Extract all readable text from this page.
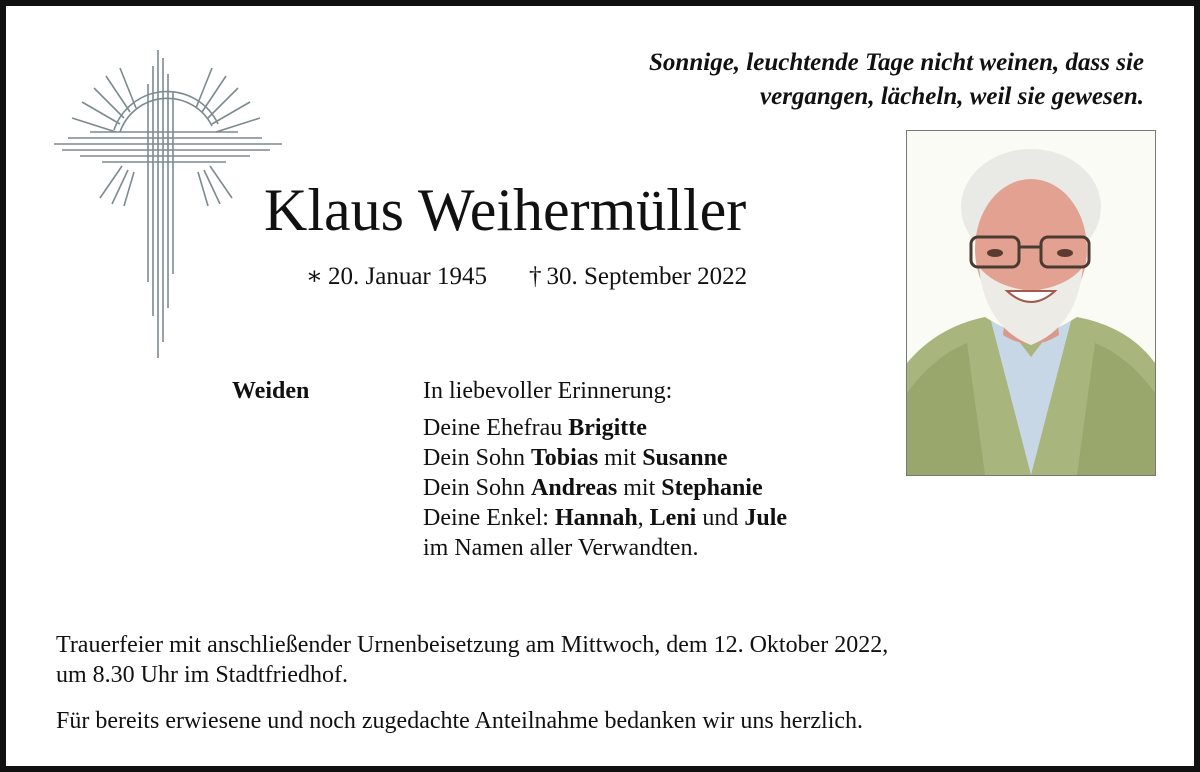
Sonnige, leuchtende Tage nicht weinen, dass sie
vergangen, lächeln, weil sie gewesen.
Klaus Weihermüller
∗ 20. Januar 1945 † 30. September 2022
Weiden	In liebevoller Erinnerung:
Deine Ehefrau Brigitte
Dein Sohn Tobias mit Susanne
Dein Sohn Andreas mit Stephanie
Deine Enkel: Hannah, Leni und Jule
im Namen aller Verwandten.
Trauerfeier mit anschließender Urnenbeisetzung am Mittwoch, dem 12. Oktober 2022,
um 8.30 Uhr im Stadtfriedhof.
Für bereits erwiesene und noch zugedachte Anteilnahme bedanken wir uns herzlich.
